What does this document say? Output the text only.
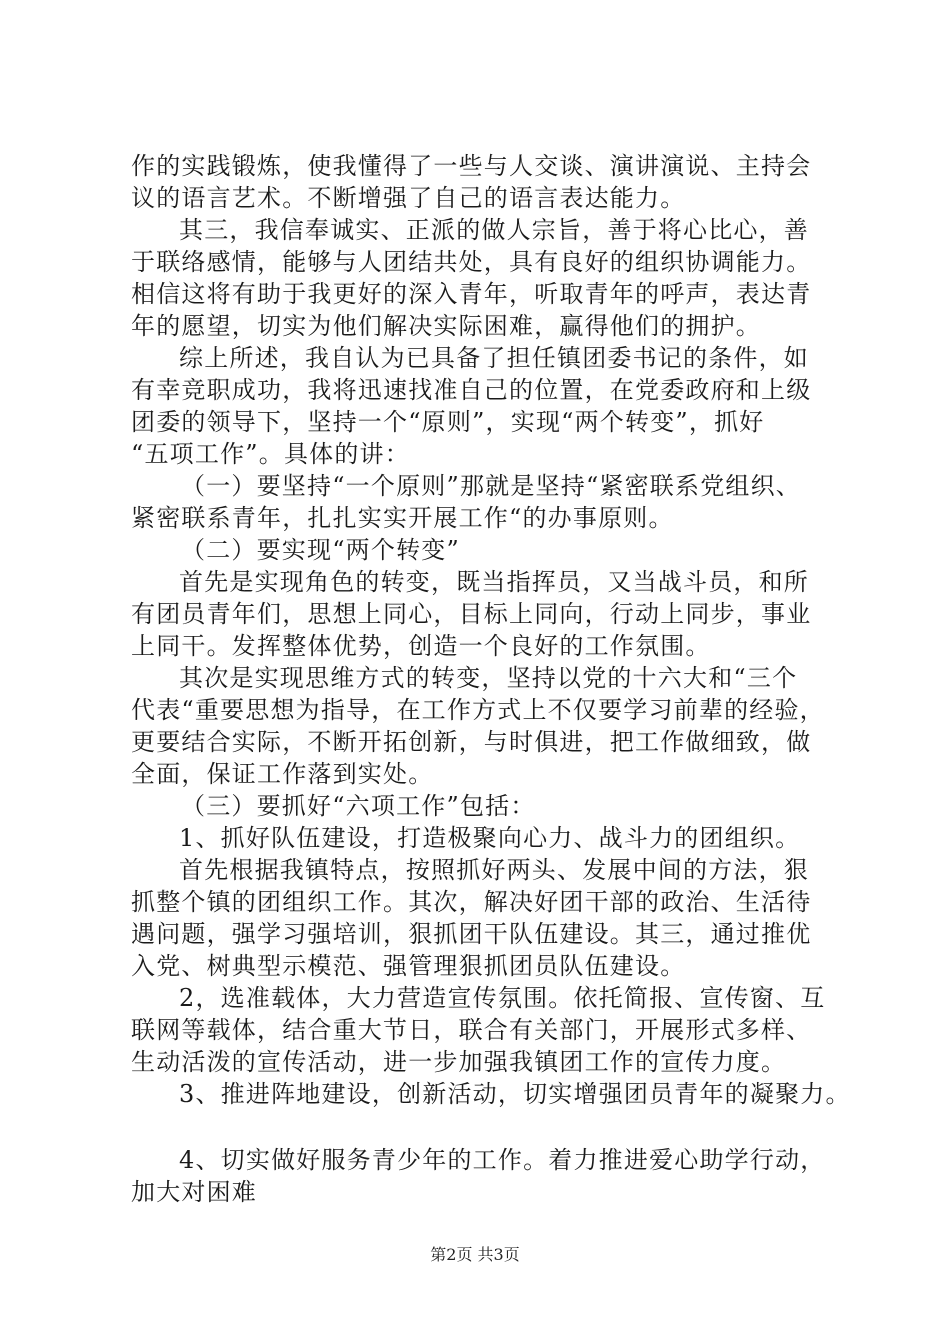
作的实践锻炼，使我懂得了一些与人交谈、演讲演说、主持会
议的语言艺术。不断增强了自己的语言表达能力。
其三，我信奉诚实、正派的做人宗旨，善于将心比心，善
于联络感情，能够与人团结共处，具有良好的组织协调能力。
相信这将有助于我更好的深入青年，听取青年的呼声，表达青
年的愿望，切实为他们解决实际困难，赢得他们的拥护。
综上所述，我自认为已具备了担任镇团委书记的条件，如
有幸竞职成功，我将迅速找准自己的位置，在党委政府和上级
团委的领导下，坚持一个“原则”，实现“两个转变”，抓好
“五项工作”。具体的讲：
（一）要坚持“一个原则”那就是坚持“紧密联系党组织、
紧密联系青年，扎扎实实开展工作“的办事原则。
（二）要实现“两个转变”
首先是实现角色的转变，既当指挥员，又当战斗员，和所
有团员青年们，思想上同心，目标上同向，行动上同步，事业
上同干。发挥整体优势，创造一个良好的工作氛围。
其次是实现思维方式的转变，坚持以党的十六大和“三个
代表“重要思想为指导，在工作方式上不仅要学习前辈的经验，
更要结合实际，不断开拓创新，与时俱进，把工作做细致，做
全面，保证工作落到实处。
（三）要抓好“六项工作”包括：
1、抓好队伍建设，打造极聚向心力、战斗力的团组织。
首先根据我镇特点，按照抓好两头、发展中间的方法，狠
抓整个镇的团组织工作。其次，解决好团干部的政治、生活待
遇问题，强学习强培训，狠抓团干队伍建设。其三，通过推优
入党、树典型示模范、强管理狠抓团员队伍建设。
2，选准载体，大力营造宣传氛围。依托简报、宣传窗、互
联网等载体，结合重大节日，联合有关部门，开展形式多样、
生动活泼的宣传活动，进一步加强我镇团工作的宣传力度。
3、推进阵地建设，创新活动，切实增强团员青年的凝聚力。
4、切实做好服务青少年的工作。着力推进爱心助学行动，
加大对困难
第2页 共3页
